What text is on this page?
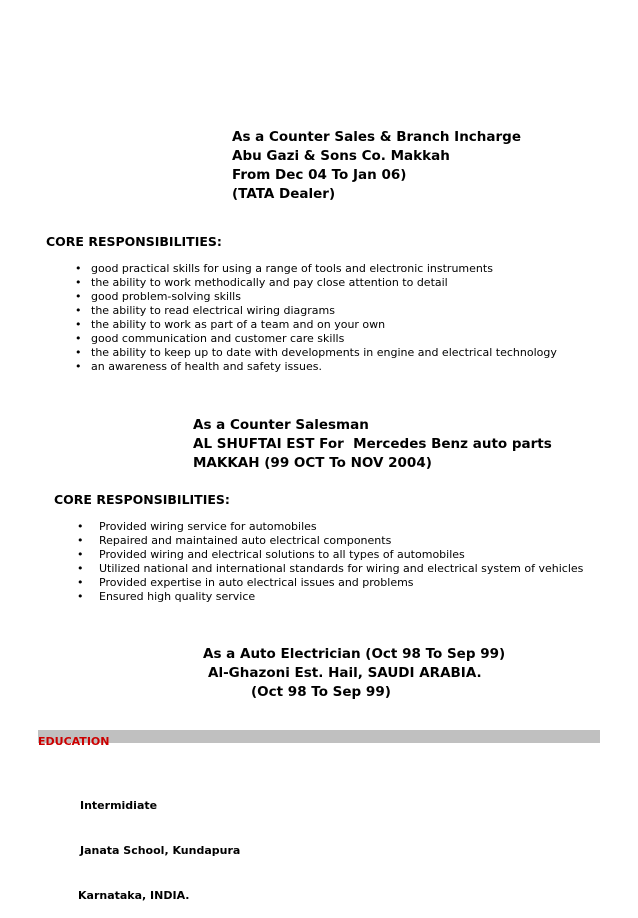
As a Counter Sales & Branch Incharge
Abu Gazi & Sons Co. Makkah
From Dec 04 To Jan 06)
(TATA Dealer)
CORE RESPONSIBILITIES:
• good practical skills for using a range of tools and electronic instruments
• the ability to work methodically and pay close attention to detail
• good problem-solving skills
• the ability to read electrical wiring diagrams
• the ability to work as part of a team and on your own
• good communication and customer care skills
• the ability to keep up to date with developments in engine and electrical technology
• an awareness of health and safety issues.
As a Counter Salesman
AL SHUFTAI EST For  Mercedes Benz auto parts
MAKKAH (99 OCT To NOV 2004)
CORE RESPONSIBILITIES:
• Provided wiring service for automobiles
• Repaired and maintained auto electrical components
• Provided wiring and electrical solutions to all types of automobiles
• Utilized national and international standards for wiring and electrical system of vehicles
• Provided expertise in auto electrical issues and problems
• Ensured high quality service
As a Auto Electrician (Oct 98 To Sep 99)
Al-Ghazoni Est. Hail, SAUDI ARABIA.
(Oct 98 To Sep 99)
EDUCATION

Intermidiate

Janata School, Kundapura

Karnataka, INDIA.
